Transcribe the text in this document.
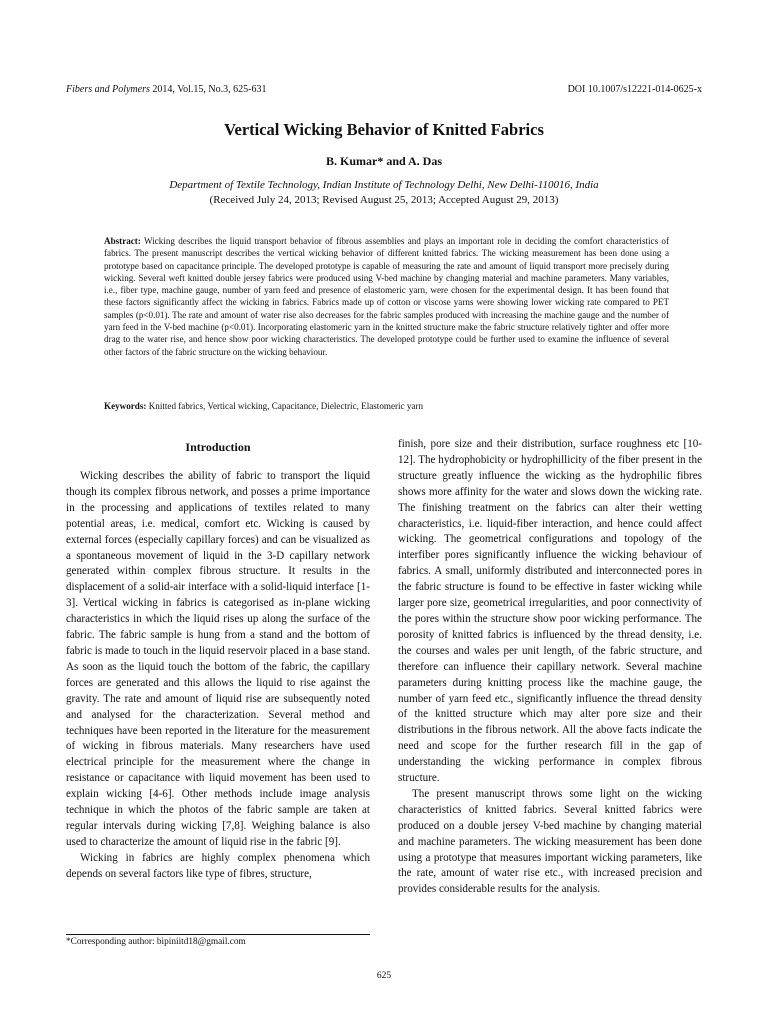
Fibers and Polymers 2014, Vol.15, No.3, 625-631	DOI 10.1007/s12221-014-0625-x
Vertical Wicking Behavior of Knitted Fabrics
B. Kumar* and A. Das
Department of Textile Technology, Indian Institute of Technology Delhi, New Delhi-110016, India
(Received July 24, 2013; Revised August 25, 2013; Accepted August 29, 2013)

Abstract: Wicking describes the liquid transport behavior of fibrous assemblies and plays an important role in deciding the comfort characteristics of fabrics. The present manuscript describes the vertical wicking behavior of different knitted fabrics. The wicking measurement has been done using a prototype based on capacitance principle. The developed prototype is capable of measuring the rate and amount of liquid transport more precisely during wicking. Several weft knitted double jersey fabrics were produced using V-bed machine by changing material and machine parameters. Many variables, i.e., fiber type, machine gauge, number of yarn feed and presence of elastomeric yarn, were chosen for the experimental design. It has been found that these factors significantly affect the wicking in fabrics. Fabrics made up of cotton or viscose yarns were showing lower wicking rate compared to PET samples (p<0.01). The rate and amount of water rise also decreases for the fabric samples produced with increasing the machine gauge and the number of yarn feed in the V-bed machine (p<0.01). Incorporating elastomeric yarn in the knitted structure make the fabric structure relatively tighter and offer more drag to the water rise, and hence show poor wicking characteristics. The developed prototype could be further used to examine the influence of several other factors of the fabric structure on the wicking behaviour.

Keywords: Knitted fabrics, Vertical wicking, Capacitance, Dielectric, Elastomeric yarn

Introduction

Wicking describes the ability of fabric to transport the liquid though its complex fibrous network, and posses a prime importance in the processing and applications of textiles related to many potential areas, i.e. medical, comfort etc. Wicking is caused by external forces (especially capillary forces) and can be visualized as a spontaneous movement of liquid in the 3-D capillary network generated within complex fibrous structure. It results in the displacement of a solid-air interface with a solid-liquid interface [1-3]. Vertical wicking in fabrics is categorised as in-plane wicking characteristics in which the liquid rises up along the surface of the fabric. The fabric sample is hung from a stand and the bottom of fabric is made to touch in the liquid reservoir placed in a base stand. As soon as the liquid touch the bottom of the fabric, the capillary forces are generated and this allows the liquid to rise against the gravity. The rate and amount of liquid rise are subsequently noted and analysed for the characterization. Several method and techniques have been reported in the literature for the measurement of wicking in fibrous materials. Many researchers have used electrical principle for the measurement where the change in resistance or capacitance with liquid movement has been used to explain wicking [4-6]. Other methods include image analysis technique in which the photos of the fabric sample are taken at regular intervals during wicking [7,8]. Weighing balance is also used to characterize the amount of liquid rise in the fabric [9].

Wicking in fabrics are highly complex phenomena which depends on several factors like type of fibres, structure,

finish, pore size and their distribution, surface roughness etc [10-12]. The hydrophobicity or hydrophillicity of the fiber present in the structure greatly influence the wicking as the hydrophilic fibres shows more affinity for the water and slows down the wicking rate. The finishing treatment on the fabrics can alter their wetting characteristics, i.e. liquid-fiber interaction, and hence could affect wicking. The geometrical configurations and topology of the interfiber pores significantly influence the wicking behaviour of fabrics. A small, uniformly distributed and interconnected pores in the fabric structure is found to be effective in faster wicking while larger pore size, geometrical irregularities, and poor connectivity of the pores within the structure show poor wicking performance. The porosity of knitted fabrics is influenced by the thread density, i.e. the courses and wales per unit length, of the fabric structure, and therefore can influence their capillary network. Several machine parameters during knitting process like the machine gauge, the number of yarn feed etc., significantly influence the thread density of the knitted structure which may alter pore size and their distributions in the fibrous network. All the above facts indicate the need and scope for the further research fill in the gap of understanding the wicking performance in complex fibrous structure.

The present manuscript throws some light on the wicking characteristics of knitted fabrics. Several knitted fabrics were produced on a double jersey V-bed machine by changing material and machine parameters. The wicking measurement has been done using a prototype that measures important wicking parameters, like the rate, amount of water rise etc., with increased precision and provides considerable results for the analysis.

*Corresponding author: bipiniitd18@gmail.com
625
